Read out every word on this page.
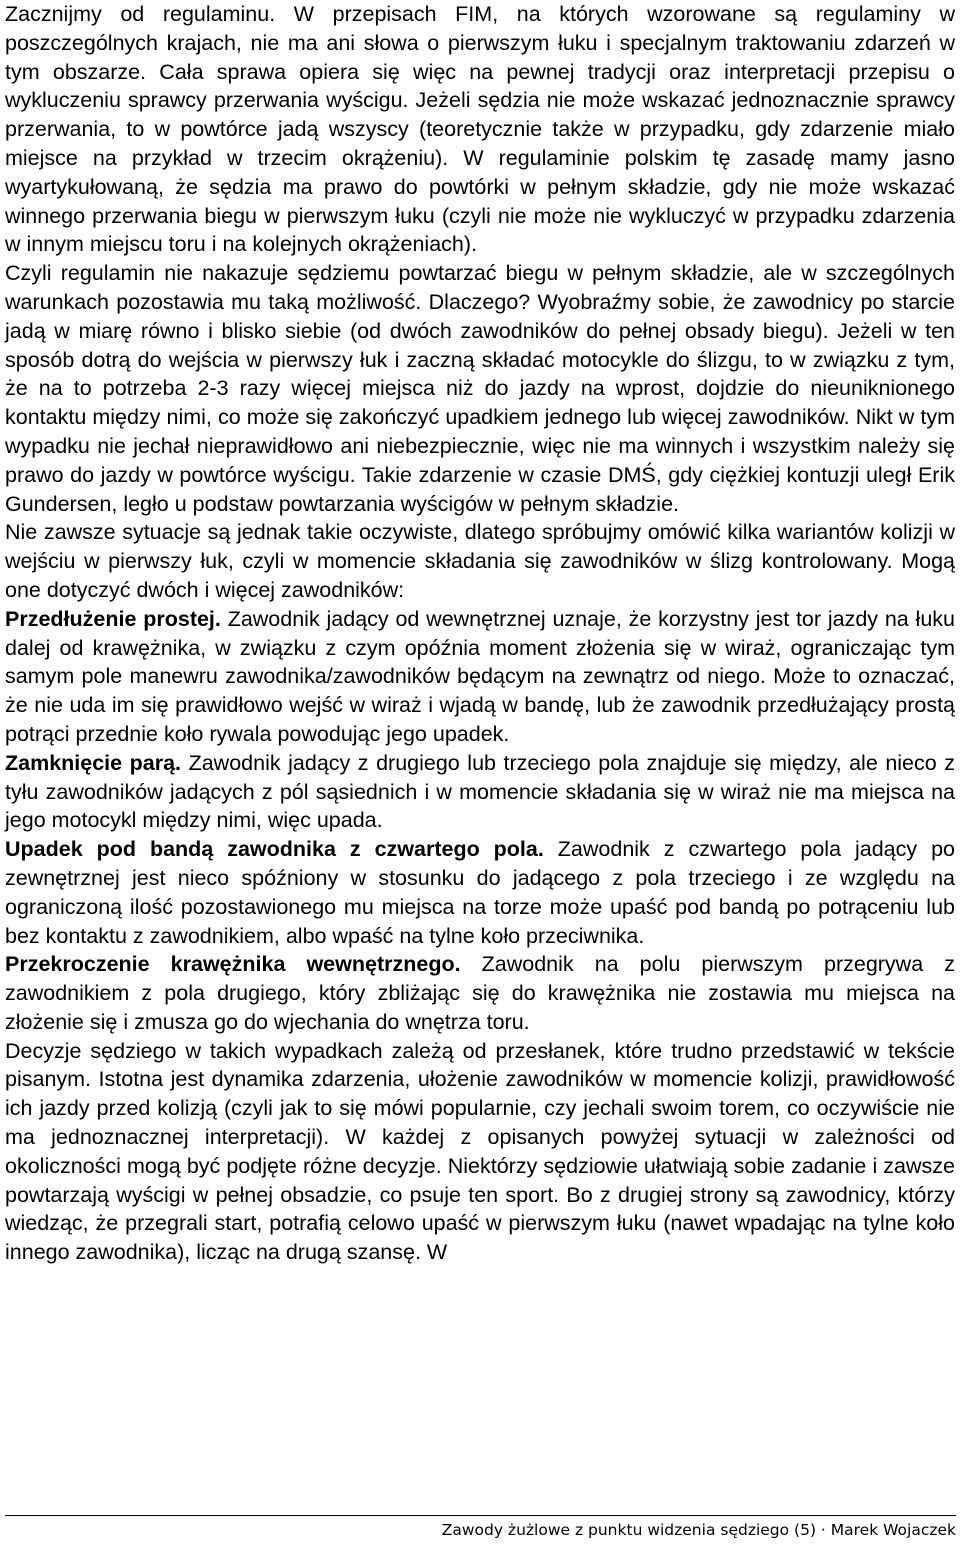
Zacznijmy od regulaminu. W przepisach FIM, na których wzorowane są regulaminy w poszczególnych krajach, nie ma ani słowa o pierwszym łuku i specjalnym traktowaniu zdarzeń w tym obszarze. Cała sprawa opiera się więc na pewnej tradycji oraz interpretacji przepisu o wykluczeniu sprawcy przerwania wyścigu. Jeżeli sędzia nie może wskazać jednoznacznie sprawcy przerwania, to w powtórce jadą wszyscy (teoretycznie także w przypadku, gdy zdarzenie miało miejsce na przykład w trzecim okrążeniu). W regulaminie polskim tę zasadę mamy jasno wyartykułowaną, że sędzia ma prawo do powtórki w pełnym składzie, gdy nie może wskazać winnego przerwania biegu w pierwszym łuku (czyli nie może nie wykluczyć w przypadku zdarzenia w innym miejscu toru i na kolejnych okrążeniach).

Czyli regulamin nie nakazuje sędziemu powtarzać biegu w pełnym składzie, ale w szczególnych warunkach pozostawia mu taką możliwość. Dlaczego? Wyobraźmy sobie, że zawodnicy po starcie jadą w miarę równo i blisko siebie (od dwóch zawodników do pełnej obsady biegu). Jeżeli w ten sposób dotrą do wejścia w pierwszy łuk i zaczną składać motocykle do ślizgu, to w związku z tym, że na to potrzeba 2-3 razy więcej miejsca niż do jazdy na wprost, dojdzie do nieuniknionego kontaktu między nimi, co może się zakończyć upadkiem jednego lub więcej zawodników. Nikt w tym wypadku nie jechał nieprawidłowo ani niebezpiecznie, więc nie ma winnych i wszystkim należy się prawo do jazdy w powtórce wyścigu. Takie zdarzenie w czasie DMŚ, gdy ciężkiej kontuzji uległ Erik Gundersen, legło u podstaw powtarzania wyścigów w pełnym składzie.

Nie zawsze sytuacje są jednak takie oczywiste, dlatego spróbujmy omówić kilka wariantów kolizji w wejściu w pierwszy łuk, czyli w momencie składania się zawodników w ślizg kontrolowany. Mogą one dotyczyć dwóch i więcej zawodników:

Przedłużenie prostej. Zawodnik jadący od wewnętrznej uznaje, że korzystny jest tor jazdy na łuku dalej od krawężnika, w związku z czym opóźnia moment złożenia się w wiraż, ograniczając tym samym pole manewru zawodnika/zawodników będącym na zewnątrz od niego. Może to oznaczać, że nie uda im się prawidłowo wejść w wiraż i wjadą w bandę, lub że zawodnik przedłużający prostą potrąci przednie koło rywala powodując jego upadek.

Zamknięcie parą. Zawodnik jadący z drugiego lub trzeciego pola znajduje się między, ale nieco z tyłu zawodników jadących z pól sąsiednich i w momencie składania się w wiraż nie ma miejsca na jego motocykl między nimi, więc upada.

Upadek pod bandą zawodnika z czwartego pola. Zawodnik z czwartego pola jadący po zewnętrznej jest nieco spóźniony w stosunku do jadącego z pola trzeciego i ze względu na ograniczoną ilość pozostawionego mu miejsca na torze może upaść pod bandą po potrąceniu lub bez kontaktu z zawodnikiem, albo wpaść na tylne koło przeciwnika.

Przekroczenie krawężnika wewnętrznego. Zawodnik na polu pierwszym przegrywa z zawodnikiem z pola drugiego, który zbliżając się do krawężnika nie zostawia mu miejsca na złożenie się i zmusza go do wjechania do wnętrza toru.

Decyzje sędziego w takich wypadkach zależą od przesłanek, które trudno przedstawić w tekście pisanym. Istotna jest dynamika zdarzenia, ułożenie zawodników w momencie kolizji, prawidłowość ich jazdy przed kolizją (czyli jak to się mówi popularnie, czy jechali swoim torem, co oczywiście nie ma jednoznacznej interpretacji). W każdej z opisanych powyżej sytuacji w zależności od okoliczności mogą być podjęte różne decyzje. Niektórzy sędziowie ułatwiają sobie zadanie i zawsze powtarzają wyścigi w pełnej obsadzie, co psuje ten sport. Bo z drugiej strony są zawodnicy, którzy wiedząc, że przegrali start, potrafią celowo upaść w pierwszym łuku (nawet wpadając na tylne koło innego zawodnika), licząc na drugą szansę. W

Zawody żużlowe z punktu widzenia sędziego (5) · Marek Wojaczek
